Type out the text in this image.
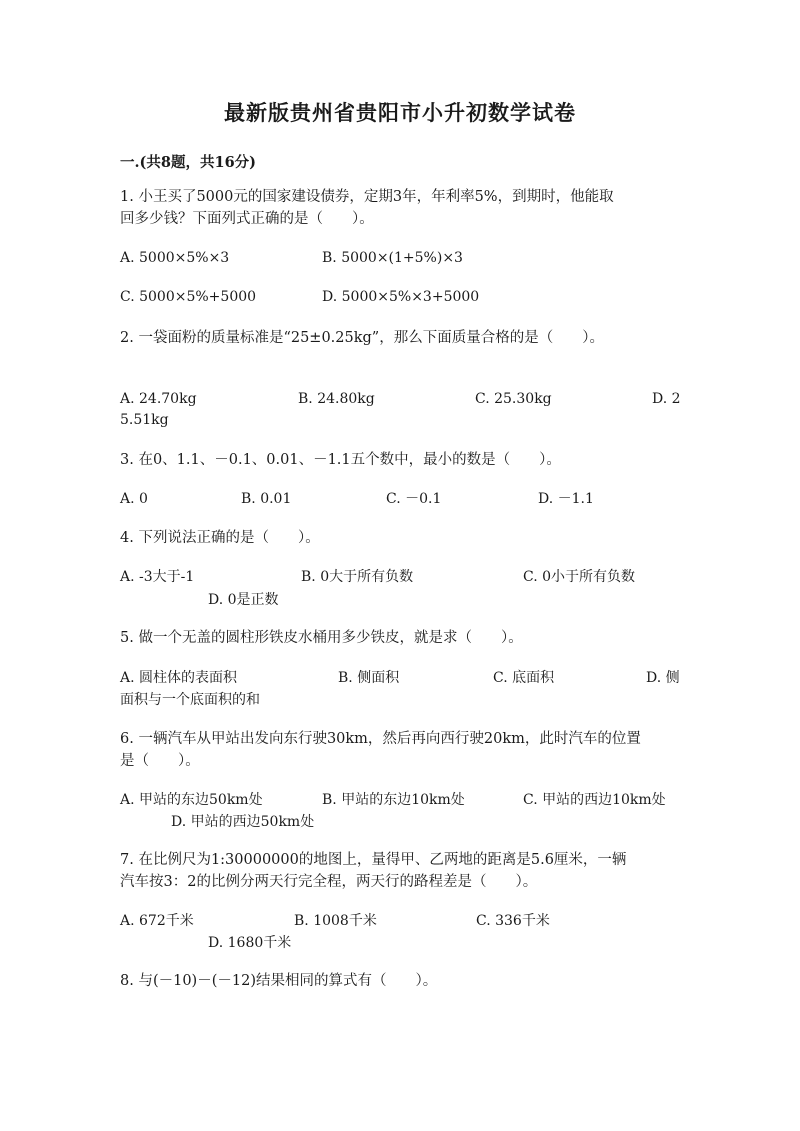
最新版贵州省贵阳市小升初数学试卷
一.(共8题，共16分)
1. 小王买了5000元的国家建设债券，定期3年，年利率5%，到期时，他能取
回多少钱？下面列式正确的是（　　）。
A. 5000×5%×3	B. 5000×(1+5%)×3
C. 5000×5%+5000	D. 5000×5%×3+5000
2. 一袋面粉的质量标准是“25±0.25kg”，那么下面质量合格的是（　　）。
A. 24.70kg	B. 24.80kg	C. 25.30kg	D. 2
5.51kg
3. 在0、1.1、－0.1、0.01、－1.1五个数中，最小的数是（　　）。
A. 0	B. 0.01	C. －0.1	D. －1.1
4. 下列说法正确的是（　　）。
A. -3大于-1	B. 0大于所有负数	C. 0小于所有负数
D. 0是正数
5. 做一个无盖的圆柱形铁皮水桶用多少铁皮，就是求（　　）。
A. 圆柱体的表面积	B. 侧面积	C. 底面积	D. 侧
面积与一个底面积的和
6. 一辆汽车从甲站出发向东行驶30km，然后再向西行驶20km，此时汽车的位置
是（　　）。
A. 甲站的东边50km处	B. 甲站的东边10km处	C. 甲站的西边10km处
D. 甲站的西边50km处
7. 在比例尺为1:30000000的地图上，量得甲、乙两地的距离是5.6厘米，一辆
汽车按3：2的比例分两天行完全程，两天行的路程差是（　　）。
A. 672千米	B. 1008千米	C. 336千米
D. 1680千米
8. 与(－10)－(－12)结果相同的算式有（　　）。
